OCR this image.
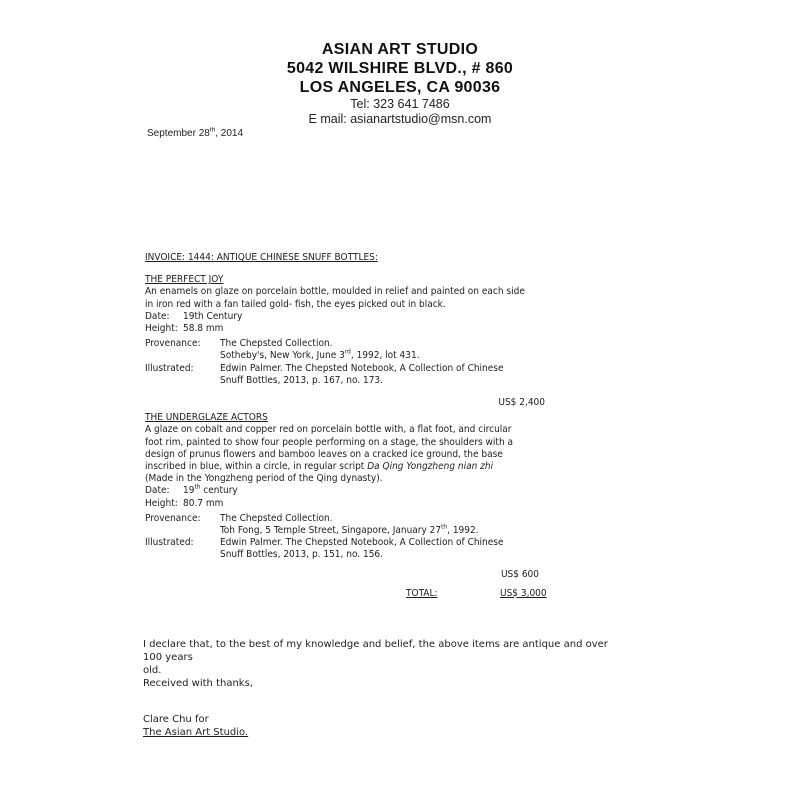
ASIAN ART STUDIO
5042 WILSHIRE BLVD., # 860
LOS ANGELES, CA 90036
Tel: 323 641 7486
E mail: asianartstudio@msn.com
September 28th, 2014
INVOICE: 1444: ANTIQUE CHINESE SNUFF BOTTLES:
THE PERFECT JOY
An enamels on glaze on porcelain bottle, moulded in relief and painted on each side
in iron red with a fan tailed gold- fish, the eyes picked out in black.
Date:	19th Century
Height: 58.8 mm
Provenance:	The Chepsted Collection.
Sotheby's, New York, June 3rd, 1992, lot 431.
Illustrated:	Edwin Palmer. The Chepsted Notebook, A Collection of Chinese
Snuff Bottles, 2013, p. 167, no. 173.
US$ 2,400
THE UNDERGLAZE ACTORS
A glaze on cobalt and copper red on porcelain bottle with, a flat foot, and circular
foot rim, painted to show four people performing on a stage, the shoulders with a
design of prunus flowers and bamboo leaves on a cracked ice ground, the base
inscribed in blue, within a circle, in regular script Da Qing Yongzheng nian zhi
(Made in the Yongzheng period of the Qing dynasty).
Date:	19th century
Height: 80.7 mm
Provenance:	The Chepsted Collection.
Toh Fong, 5 Temple Street, Singapore, January 27th, 1992.
Illustrated:	Edwin Palmer. The Chepsted Notebook, A Collection of Chinese
Snuff Bottles, 2013, p. 151, no. 156.
US$ 600
TOTAL:	US$ 3,000
I declare that, to the best of my knowledge and belief, the above items are antique and over 100 years
old.
Received with thanks,
Clare Chu for
The Asian Art Studio.
